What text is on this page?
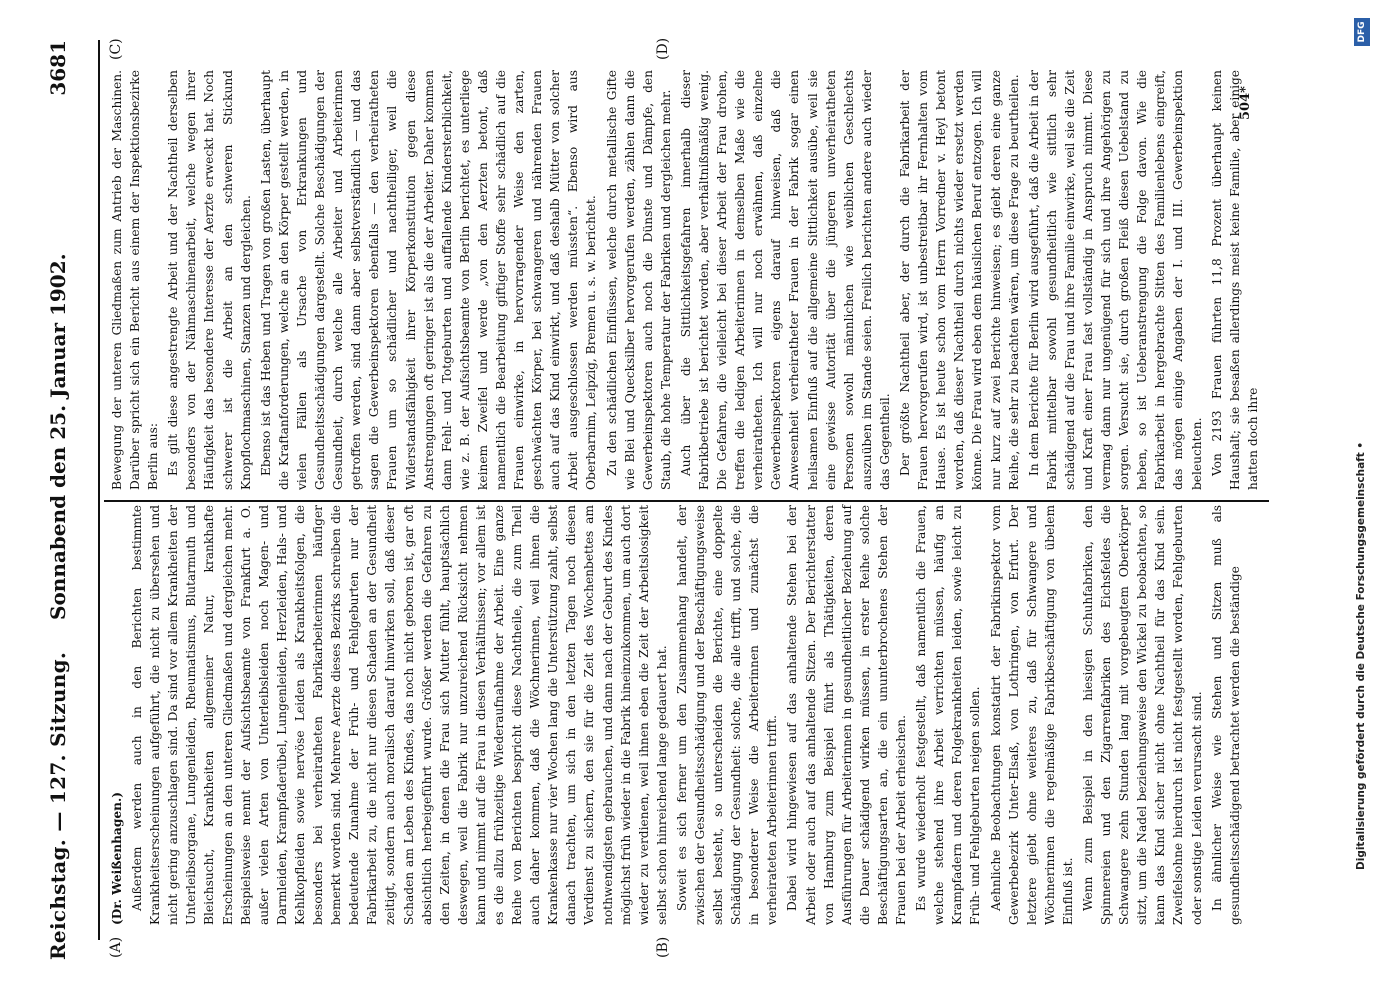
Reichstag. — 127. Sitzung.
3681
Sonnabend den 25. Januar 1902.
(A)	(B)
(C)	(D)

(Dr. Weißenhagen.) Außerdem werden auch in den Berichten bestimmte Krankheitserscheinungen aufgeführt, die nicht zu übersehen und nicht gering anzuschlagen sind. Da sind vor allem Krankheiten der Unterleibsorgane, Lungenleiden, Rheumatismus, Blutarmuth und Bleichsucht, Krankheiten allgemeiner Natur, krankhafte Erscheinungen an den unteren Gliedmaßen und dergleichen mehr. Beispielsweise nennt der Aufsichtsbeamte von Frankfurt a. O. außer vielen Arten von Unterleibsleiden noch Magen- und Darmleiden, Krampfaderübel, Lungenleiden, Herzleiden, Hals- und Kehlkopfleiden sowie nervöse Leiden als Krankheitsfolgen, die besonders bei verheiratheten Fabrikarbeiterinnen häufiger bemerkt worden sind. Mehrere Aerzte dieses Bezirks schreiben die bedeutende Zunahme der Früh- und Fehlgeburten nur der Fabrikarbeit zu, die nicht nur diesen Schaden an der Gesundheit zeitigt, sondern auch moralisch darauf hinwirken soll, daß dieser Schaden am Leben des Kindes, das noch nicht geboren ist, gar oft absichtlich herbeigeführt wurde. Größer werden die Gefahren zu den Zeiten, in denen die Frau sich Mutter fühlt, hauptsächlich deswegen, weil die Fabrik nur unzureichend Rücksicht nehmen kann und nimmt auf die Frau in diesen Verhältnissen; vor allem ist es die allzu frühzeitige Wiederaufnahme der Arbeit. Eine ganze Reihe von Berichten bespricht diese Nachtheile, die zum Theil auch daher kommen, daß die Wöchnerinnen, weil ihnen die Krankenkasse nur vier Wochen lang die Unterstützung zahlt, selbst danach trachten, um sich in den letzten Tagen noch diesen Verdienst zu sichern, den sie für die Zeit des Wochenbettes am nothwendigsten gebrauchen, und dann nach der Geburt des Kindes möglichst früh wieder in die Fabrik hineinzukommen, um auch dort wieder zu verdienen, weil ihnen eben die Zeit der Arbeitslosigkeit selbst schon hinreichend lange gedauert hat. Soweit es sich ferner um den Zusammenhang handelt, der zwischen der Gesundheitsschädigung und der Beschäftigungsweise selbst besteht, so unterscheiden die Berichte, eine doppelte Schädigung der Gesundheit: solche, die alle trifft, und solche, die in besonderer Weise die Arbeiterinnen und zunächst die verheirateten Arbeiterinnen trifft. Dabei wird hingewiesen auf das anhaltende Stehen bei der Arbeit oder auch auf das anhaltende Sitzen. Der Berichterstatter von Hamburg zum Beispiel führt als Thätigkeiten, deren Ausführungen für Arbeiterinnen in gesundheitlicher Beziehung auf die Dauer schädigend wirken müssen, in erster Reihe solche Beschäftigungsarten an, die ein ununterbrochenes Stehen der Frauen bei der Arbeit erheischen. Es wurde wiederholt festgestellt, daß namentlich die Frauen, welche stehend ihre Arbeit verrichten müssen, häufig an Krampfadern und deren Folgekrankheiten leiden, sowie leicht zu Früh- und Fehlgeburten neigen sollen. Aehnliche Beobachtungen konstatirt der Fabrikinspektor vom Gewerbebezirk Unter-Elsaß, von Lothringen, von Erfurt. Der letztere giebt ohne weiteres zu, daß für Schwangere und Wöchnerinnen die regelmäßige Fabrikbeschäftigung von übelem Einfluß ist. Wenn zum Beispiel in den hiesigen Schuhfabriken, den Spinnereien und den Zigarrenfabriken des Eichsfeldes die Schwangere zehn Stunden lang mit vorgebeugtem Oberkörper sitzt, um die Nadel beziehungsweise den Wickel zu beobachten, so kann das Kind sicher nicht ohne Nachtheil für das Kind sein. Zweifelsohne hierdurch ist nicht festgestellt worden, Fehlgeburten oder sonstige Leiden verursacht sind. In ähnlicher Weise wie Stehen und Sitzen muß als gesundheitsschädigend betrachtet werden die beständige

Bewegung der unteren Gliedmaßen zum Antrieb der Maschinen. Darüber spricht sich ein Bericht aus einem der Inspektionsbezirke Berlin aus: Es gilt diese angestrengte Arbeit und der Nachtheil derselben besonders von der Nähmaschinenarbeit, welche wegen ihrer Häufigkeit das besondere Interesse der Aerzte erweckt hat. Noch schwerer ist die Arbeit an den schweren Stickund Knopflochmaschinen, Stanzen und dergleichen. Ebenso ist das Heben und Tragen von großen Lasten, überhaupt die Kraftanforderungen, welche an den Körper gestellt werden, in vielen Fällen als Ursache von Erkrankungen und Gesundheitsschädigungen dargestellt. Solche Beschädigungen der Gesundheit, durch welche alle Arbeiter und Arbeiterinnen getroffen werden, sind dann aber selbstverständlich — und das sagen die Gewerbeinspektoren ebenfalls — den verheiratheten Frauen um so schädlicher und nachtheiliger, weil die Widerstandsfähigkeit ihrer Körperkonstitution gegen diese Anstrengungen oft geringer ist als die der Arbeiter. Daher kommen dann Fehl- und Totgeburten und auffallende Kindersterblichkeit, wie z. B. der Aufsichtsbeamte von Berlin berichtet, es unterliege keinem Zweifel und werde „von den Aerzten betont, daß namentlich die Bearbeitung giftiger Stoffe sehr schädlich auf die Frauen einwirke, in hervorragender Weise den zarten, geschwächten Körper, bei schwangeren und nährenden Frauen auch auf das Kind einwirkt, und daß deshalb Mütter von solcher Arbeit ausgeschlossen werden müssten“. Ebenso wird aus Oberbarnim, Leipzig, Bremen u. s. w. berichtet. Zu den schädlichen Einflüssen, welche durch metallische Gifte wie Blei und Quecksilber hervorgerufen werden, zählen dann die Gewerbeinspektoren auch noch die Dünste und Dämpfe, den Staub, die hohe Temperatur der Fabriken und dergleichen mehr. Auch über die Sittlichkeitsgefahren innerhalb dieser Fabrikbetriebe ist berichtet worden, aber verhältnißmäßig wenig. Die Gefahren, die vielleicht bei dieser Arbeit der Frau drohen, treffen die ledigen Arbeiterinnen in demselben Maße wie die verheiratheten. Ich will nur noch erwähnen, daß einzelne Gewerbeinspektoren eigens darauf hinweisen, daß die Anwesenheit verheiratheter Frauen in der Fabrik sogar einen heilsamen Einfluß auf die allgemeine Sittlichkeit ausübe, weil sie eine gewisse Autorität über die jüngeren unverheiratheten Personen sowohl männlichen wie weiblichen Geschlechts auszuüben im Stande seien. Freilich berichten andere auch wieder das Gegentheil. Der größte Nachtheil aber, der durch die Fabrikarbeit der Frauen hervorgerufen wird, ist unbestreitbar ihr Fernhalten vom Hause. Es ist heute schon vom Herrn Vorredner v. Heyl betont worden, daß dieser Nachtheil durch nichts wieder ersetzt werden könne. Die Frau wird eben dem häuslichen Beruf entzogen. Ich will nur kurz auf zwei Berichte hinweisen; es giebt deren eine ganze Reihe, die sehr zu beachten wären, um diese Frage zu beurtheilen. In dem Berichte für Berlin wird ausgeführt, daß die Arbeit in der Fabrik mittelbar sowohl gesundheitlich wie sittlich sehr schädigend auf die Frau und ihre Familie einwirke, weil sie die Zeit und Kraft einer Frau fast vollständig in Anspruch nimmt. Diese vermag dann nur ungenügend für sich und ihre Angehörigen zu sorgen. Versucht sie, durch großen Fleiß diesen Uebelstand zu heben, so ist Ueberanstrengung die Folge davon. Wie die Fabrikarbeit in hergebrachte Sitten des Familienlebens eingreift, das mögen einige Angaben der I. und III. Gewerbeinspektion beleuchten. Von 2193 Frauen führten 11,8 Prozent überhaupt keinen Haushalt; sie besaßen allerdings meist keine Familie, aber einige hatten doch ihre

504*
Digitalisierung gefördert durch die Deutsche Forschungsgemeinschaft •
DFG
